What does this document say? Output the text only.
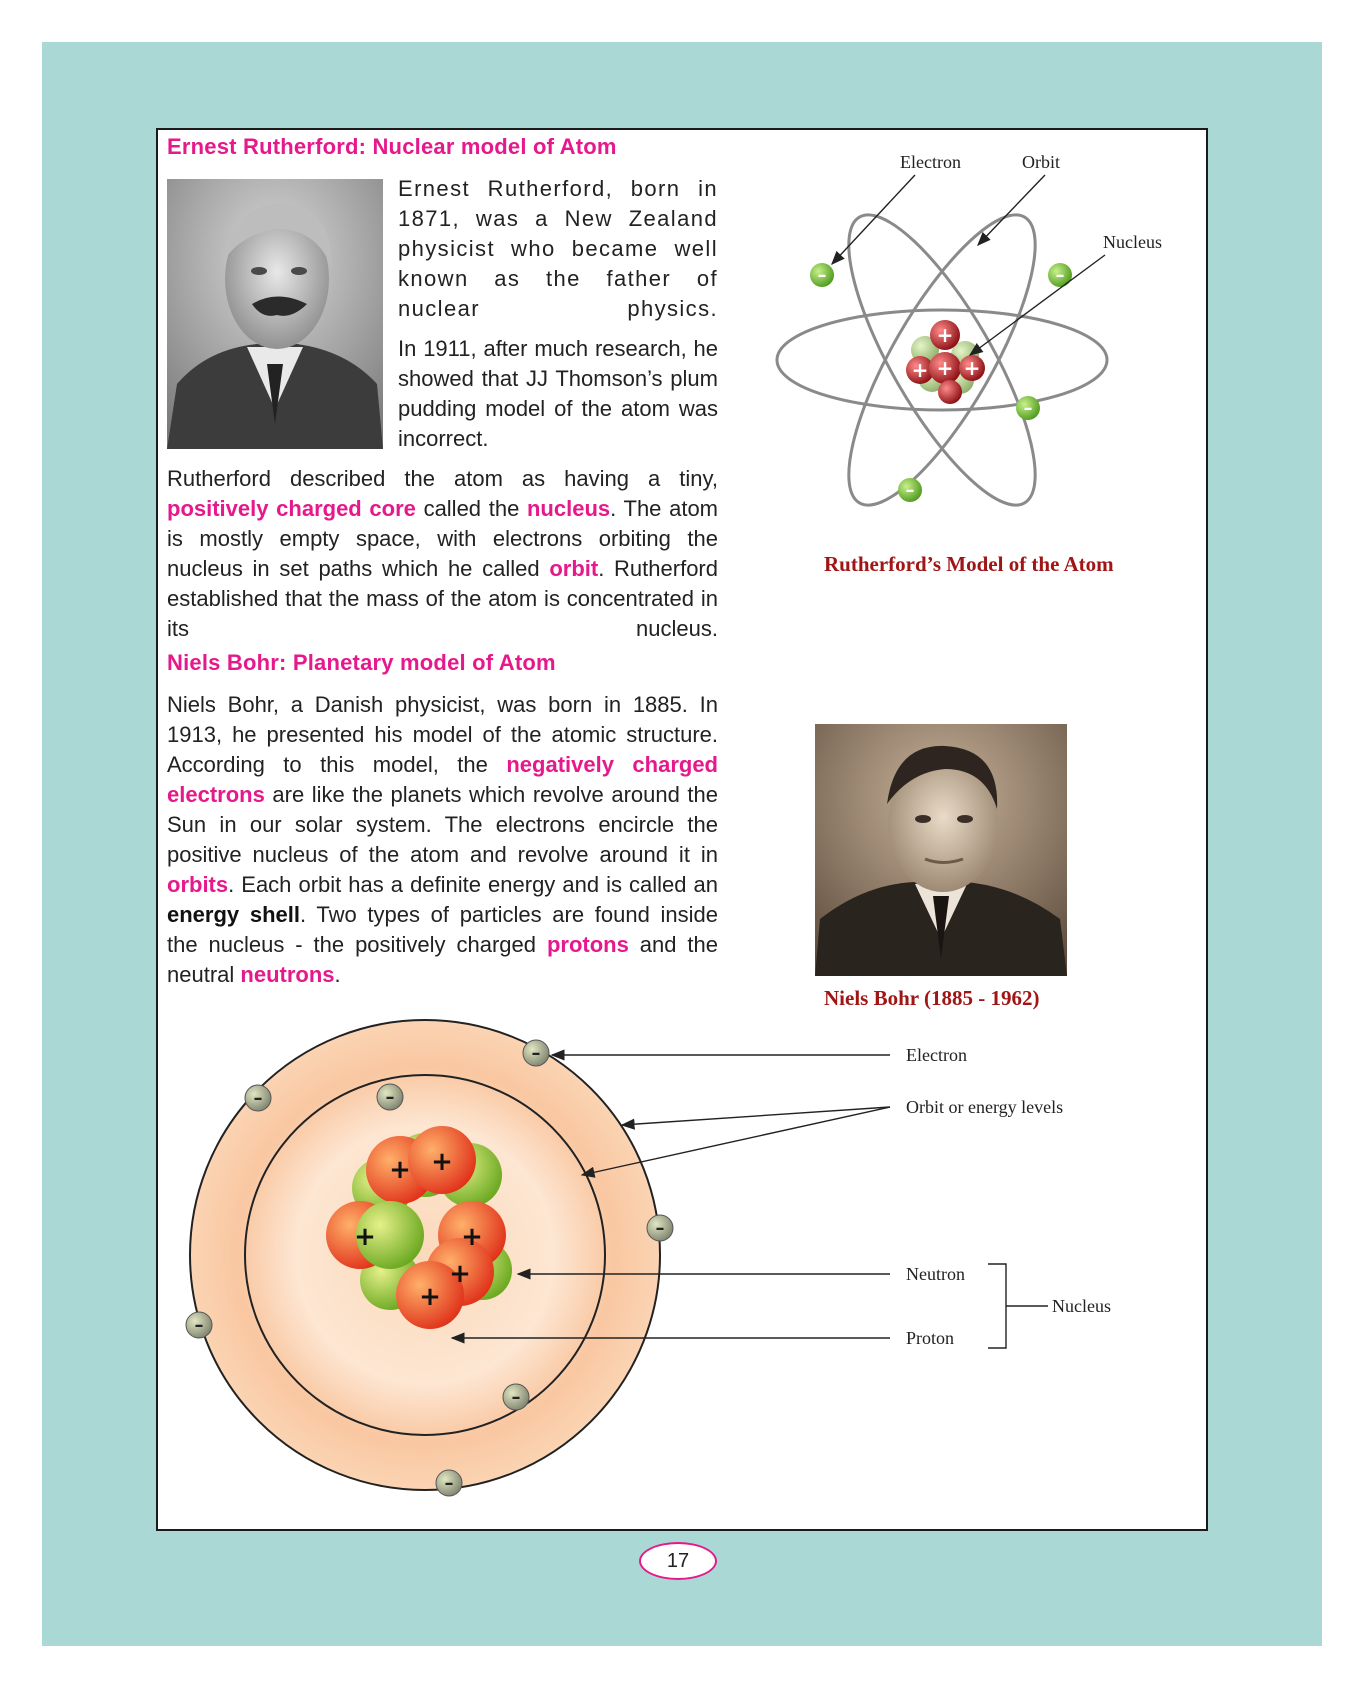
Ernest Rutherford: Nuclear model of Atom
Ernest Rutherford, born in 1871, was a New Zealand physicist who became well known as the father of nuclear physics.
In 1911, after much research, he showed that JJ Thomson’s plum pudding model of the atom was incorrect.
Rutherford described the atom as having a tiny, positively charged core called the nucleus. The atom is mostly empty space, with electrons orbiting the nucleus in set paths which he called orbit. Rutherford established that the mass of the atom is concentrated in its nucleus.
+
+
+ +
–	–
–
–
Electron	Orbit
Nucleus
Rutherford’s Model of the Atom
Niels Bohr: Planetary model of Atom
Niels Bohr, a Danish physicist, was born in 1885. In 1913, he presented his model of the atomic structure. According to this model, the negatively charged electrons are like the planets which revolve around the Sun in our solar system. The electrons encircle the positive nucleus of the atom and revolve around it in orbits. Each orbit has a definite energy and is called an energy shell. Two types of particles are found inside the nucleus - the positively charged protons and the neutral neutrons.
Niels Bohr (1885 - 1962)
+
+
+
+
+
+
–
–	–
–
–
–
–
Electron
Orbit or energy levels
Neutron
Proton
Nucleus
17
